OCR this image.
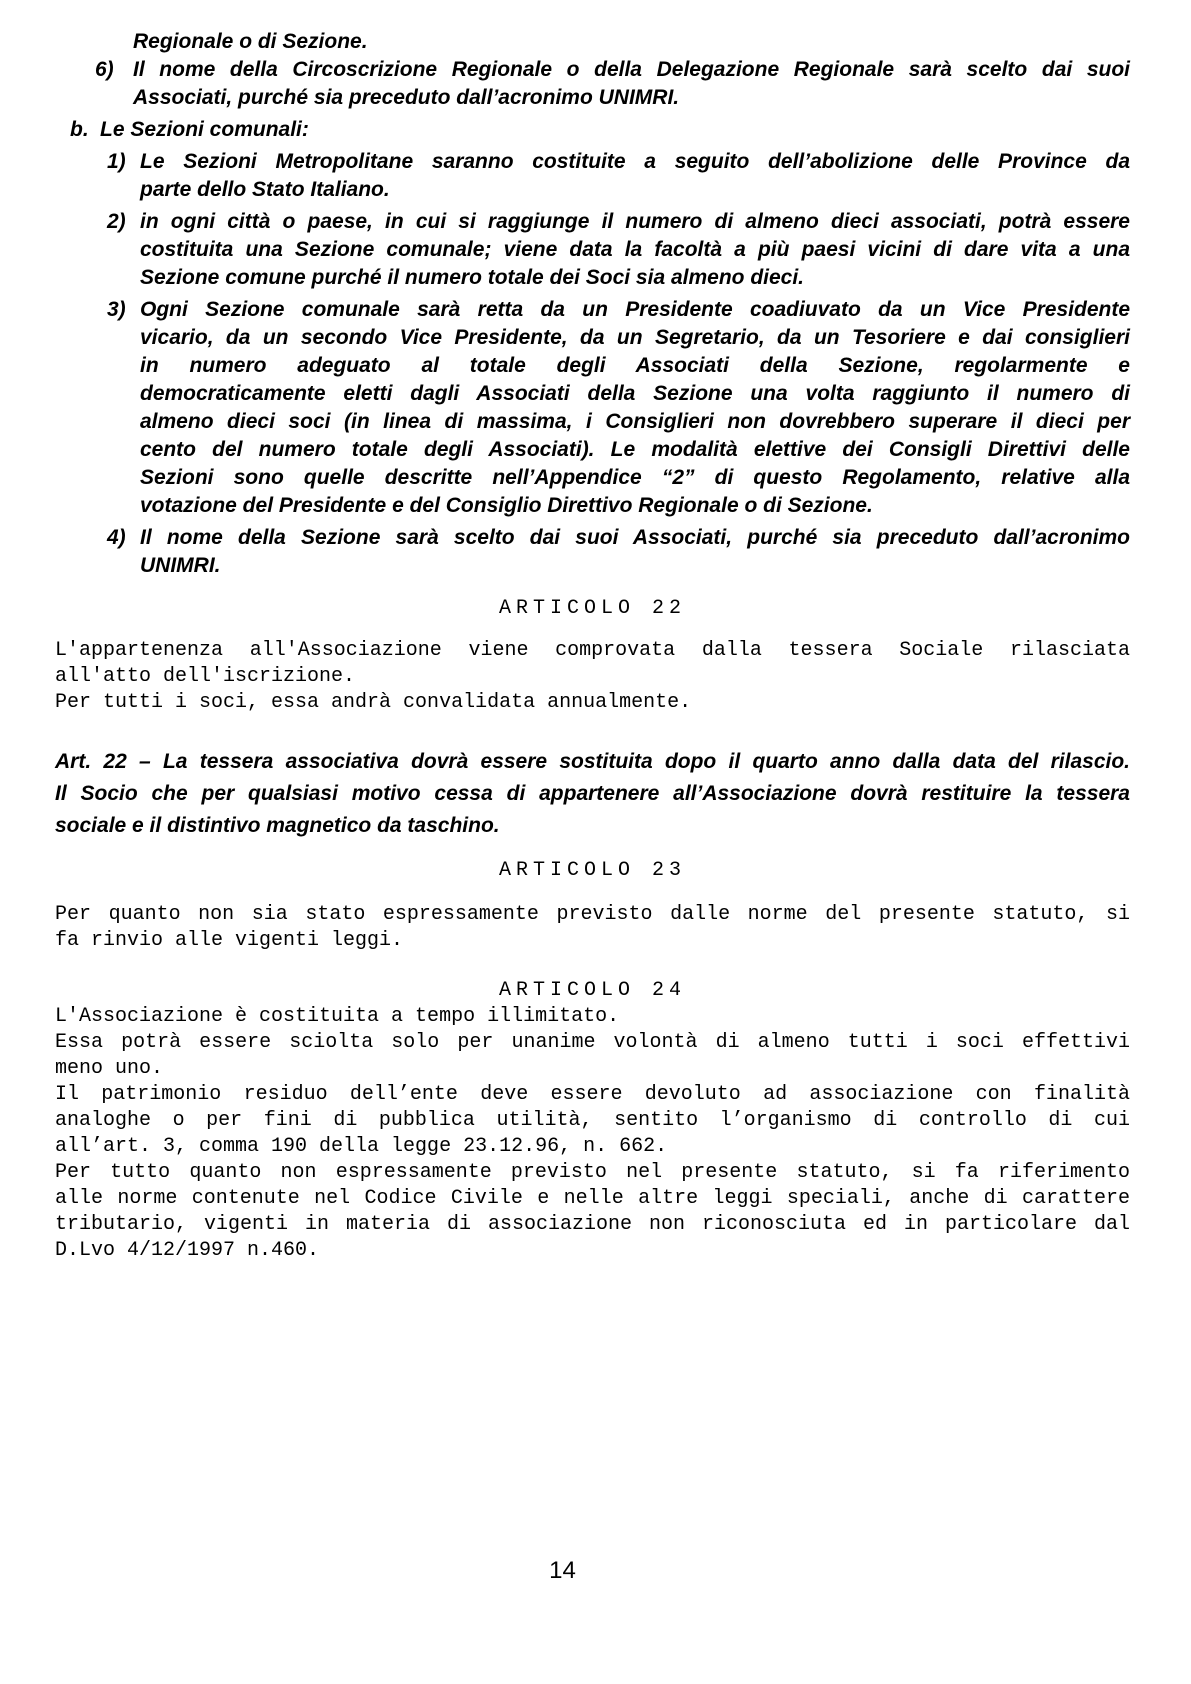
Regionale o di Sezione.
6) Il nome della Circoscrizione Regionale o della Delegazione Regionale sarà scelto dai suoi
Associati, purché sia preceduto dall’acronimo UNIMRI.
b. Le Sezioni comunali:
1) Le Sezioni Metropolitane saranno costituite a seguito dell’abolizione delle Province da
parte dello Stato Italiano.
2) in ogni città o paese, in cui si raggiunge il numero di almeno dieci associati, potrà essere
costituita una Sezione comunale; viene data la facoltà a più paesi vicini di dare vita a una
Sezione comune purché il numero totale dei Soci sia almeno dieci.
3) Ogni Sezione comunale sarà retta da un Presidente coadiuvato da un Vice Presidente
vicario, da un secondo Vice Presidente, da un Segretario, da un Tesoriere e dai consiglieri
in numero adeguato al totale degli Associati della Sezione, regolarmente e
democraticamente eletti dagli Associati della Sezione una volta raggiunto il numero di
almeno dieci soci (in linea di massima, i Consiglieri non dovrebbero superare il dieci per
cento del numero totale degli Associati). Le modalità elettive dei Consigli Direttivi delle
Sezioni sono quelle descritte nell’Appendice “2” di questo Regolamento, relative alla
votazione del Presidente e del Consiglio Direttivo Regionale o di Sezione.
4) Il nome della Sezione sarà scelto dai suoi Associati, purché sia preceduto dall’acronimo
UNIMRI.
ARTICOLO 22
L'appartenenza all'Associazione viene comprovata dalla tessera Sociale rilasciata
all'atto dell'iscrizione.
Per tutti i soci, essa andrà convalidata annualmente.
Art. 22 – La tessera associativa dovrà essere sostituita dopo il quarto anno dalla data del rilascio.
Il Socio che per qualsiasi motivo cessa di appartenere all’Associazione dovrà restituire la tessera
sociale e il distintivo magnetico da taschino.
ARTICOLO 23
Per quanto non sia stato espressamente previsto dalle norme del presente statuto, si
fa rinvio alle vigenti leggi.
ARTICOLO 24
L'Associazione è costituita a tempo illimitato.
Essa potrà essere sciolta solo per unanime volontà di almeno tutti i soci effettivi
meno uno.
Il patrimonio residuo dell’ente deve essere devoluto ad associazione con finalità
analoghe o per fini di pubblica utilità, sentito l’organismo di controllo di cui
all’art. 3, comma 190 della legge 23.12.96, n. 662.
Per tutto quanto non espressamente previsto nel presente statuto, si fa riferimento
alle norme contenute nel Codice Civile e nelle altre leggi speciali, anche di carattere
tributario, vigenti in materia di associazione non riconosciuta ed in particolare dal
D.Lvo 4/12/1997 n.460.
14
